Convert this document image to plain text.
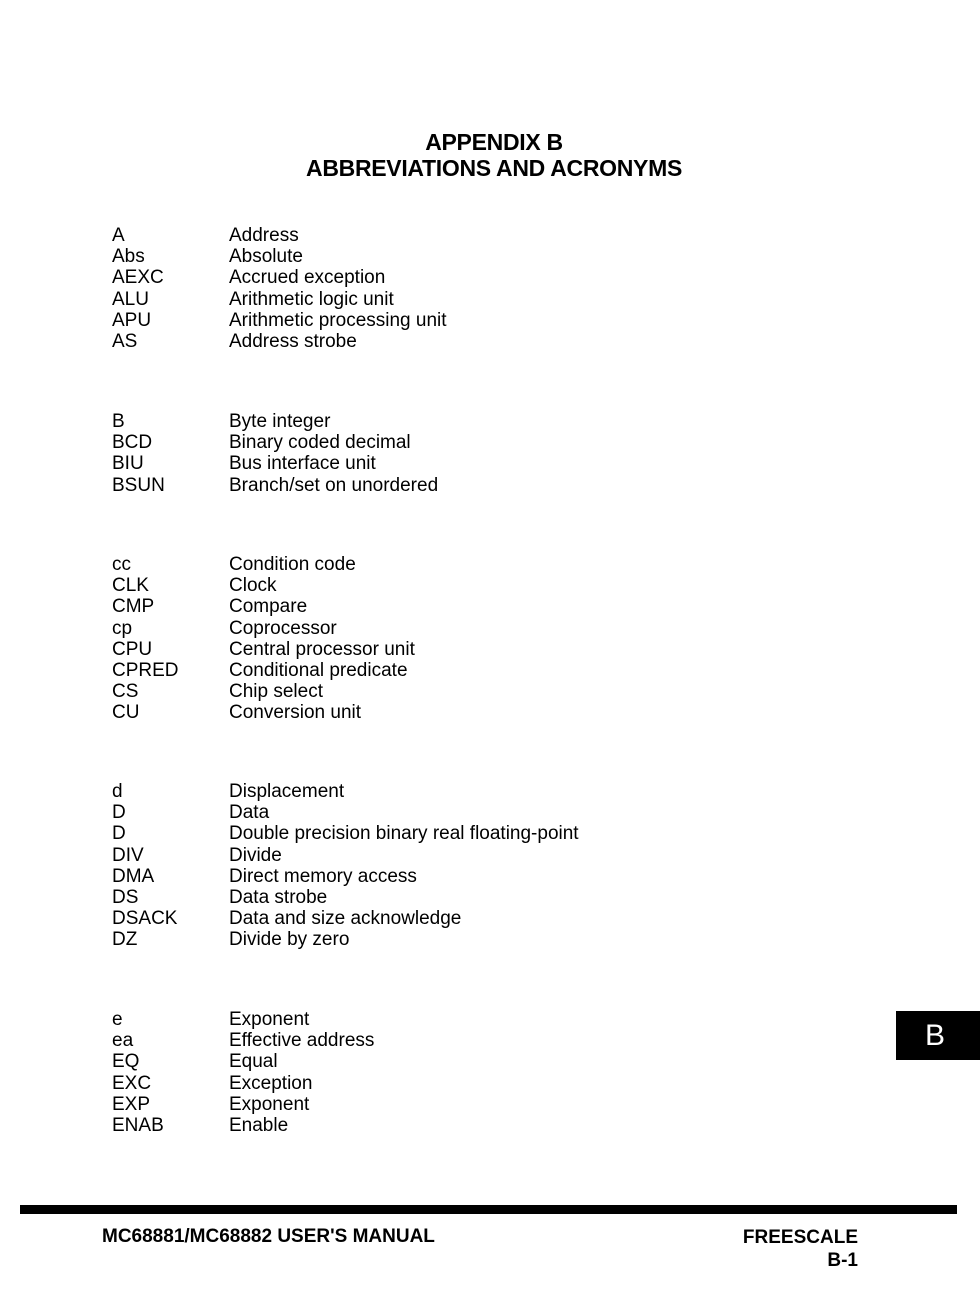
APPENDIX B
ABBREVIATIONS AND ACRONYMS
A	Address
Abs	Absolute
AEXC	Accrued exception
ALU	Arithmetic logic unit
APU	Arithmetic processing unit
AS	Address strobe
B	Byte integer
BCD	Binary coded decimal
BIU	Bus interface unit
BSUN	Branch/set on unordered
cc	Condition code
CLK	Clock
CMP	Compare
cp	Coprocessor
CPU	Central processor unit
CPRED	Conditional predicate
CS	Chip select
CU	Conversion unit
d	Displacement
D	Data
D	Double precision binary real floating-point
DIV	Divide
DMA	Direct memory access
DS	Data strobe
DSACK	Data and size acknowledge
DZ	Divide by zero
e	Exponent
ea	Effective address
EQ	Equal
EXC	Exception
EXP	Exponent
ENAB	Enable
B
MC68881/MC68882 USER'S MANUAL	FREESCALE
B-1
